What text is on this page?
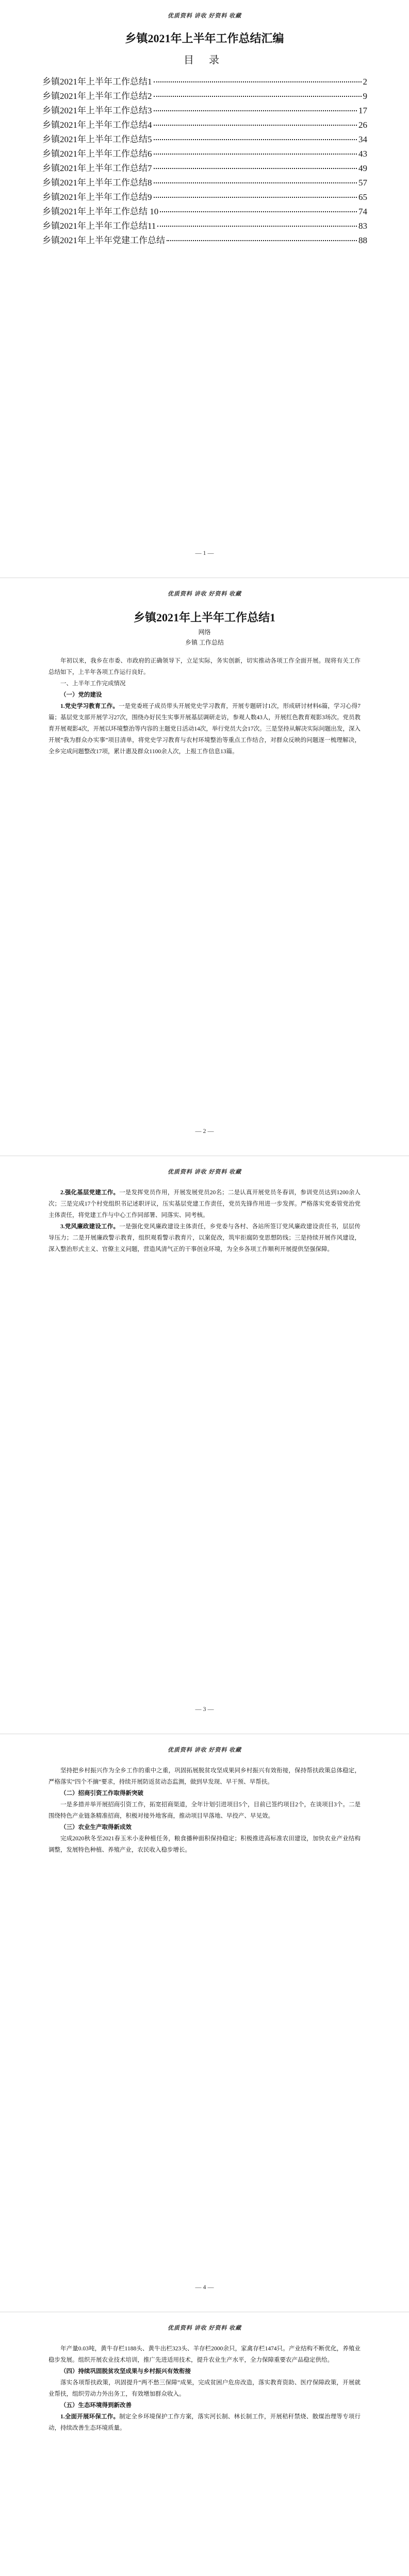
优质资料 讲收 好资料 收藏
乡镇2021年上半年工作总结汇编
目 录
乡镇2021年上半年工作总结1	2
乡镇2021年上半年工作总结2	9
乡镇2021年上半年工作总结3	17
乡镇2021年上半年工作总结4	26
乡镇2021年上半年工作总结5	34
乡镇2021年上半年工作总结6	43
乡镇2021年上半年工作总结7	49
乡镇2021年上半年工作总结8	57
乡镇2021年上半年工作总结9	65
乡镇2021年上半年工作总结 10	74
乡镇2021年上半年工作总结11	83
乡镇2021年上半年党建工作总结	88
— 1 —
优质资料 讲收 好资料 收藏
乡镇2021年上半年工作总结1
网络
乡镇 工作总结

年初以来，我乡在市委、市政府的正确领导下，立足实际，务实创新，切实推动各项工作全面开展。现将有关工作总结如下，上半年各项工作运行良好。

一、上半年工作完成情况
（一）党的建设

1.党史学习教育工作。一是党委班子成员带头开展党史学习教育，开展专题研讨1次，形成研讨材料6篇，学习心得7篇；基层党支部开展学习27次，围绕办好民生实事开展基层调研走访，参观人数43人，开展红色教育观影3场次。党员教育开展观影4次，开展以环境整治等内容的主题党日活动14次，举行党员大会17次。三是坚持从解决实际问题出发，深入开展“我为群众办实事”项目清单，将党史学习教育与农村环境整治等重点工作结合，对群众反映的问题逐一梳理解决，全乡完成问题整改17项，累计惠及群众1100余人次，上报工作信息13篇。

— 2 —
优质资料 讲收 好资料 收藏

2.强化基层党建工作。一是发挥党员作用，开展发展党员20名；二是认真开展党员冬春训，参训党员达到1200余人次；三是完成17个村党组织书记述职评议，压实基层党建工作责任，党员先锋作用进一步发挥。严格落实党委管党治党主体责任，将党建工作与中心工作同部署、同落实、同考核。

3.党风廉政建设工作。一是强化党风廉政建设主体责任，乡党委与各村、各站所签订党风廉政建设责任书，层层传导压力；二是开展廉政警示教育，组织观看警示教育片，以案促改，筑牢拒腐防变思想防线；三是持续开展作风建设，深入整治形式主义、官僚主义问题，营造风清气正的干事创业环境，为全乡各项工作顺利开展提供坚强保障。

— 3 —
优质资料 讲收 好资料 收藏

坚持把乡村振兴作为全乡工作的重中之重，巩固拓展脱贫攻坚成果同乡村振兴有效衔接，保持帮扶政策总体稳定，严格落实“四个不摘”要求，持续开展防返贫动态监测，做到早发现、早干预、早帮扶。

（二）招商引资工作取得新突破

一是多措并举开展招商引资工作，拓宽招商渠道，全年计划引进项目5个，目前已签约项目2个，在谈项目3个。二是围绕特色产业链条精准招商，积极对接外地客商，推动项目早落地、早投产、早见效。

（三）农业生产取得新成效

完成2020秋冬至2021春玉米小麦种植任务，粮食播种面积保持稳定；积极推进高标准农田建设，加快农业产业结构调整，发展特色种植、养殖产业，农民收入稳步增长。

— 4 —
优质资料 讲收 好资料 收藏

年产量0.03吨，黄牛存栏1188头、黄牛出栏323头、羊存栏2000余只，家禽存栏1474只。产业结构不断优化，养殖业稳步发展。组织开展农业技术培训，推广先进适用技术，提升农业生产水平，全力保障重要农产品稳定供给。

（四）持续巩固脱贫攻坚成果与乡村振兴有效衔接

落实各项帮扶政策，巩固提升“两不愁三保障”成果，完成贫困户危房改造，落实教育资助、医疗保障政策，开展就业帮扶，组织劳动力外出务工，有效增加群众收入。

（五）生态环境得到新改善

1.全面开展环保工作。制定全乡环境保护工作方案，落实河长制、林长制工作，开展秸秆禁烧、散煤治理等专项行动，持续改善生态环境质量。
